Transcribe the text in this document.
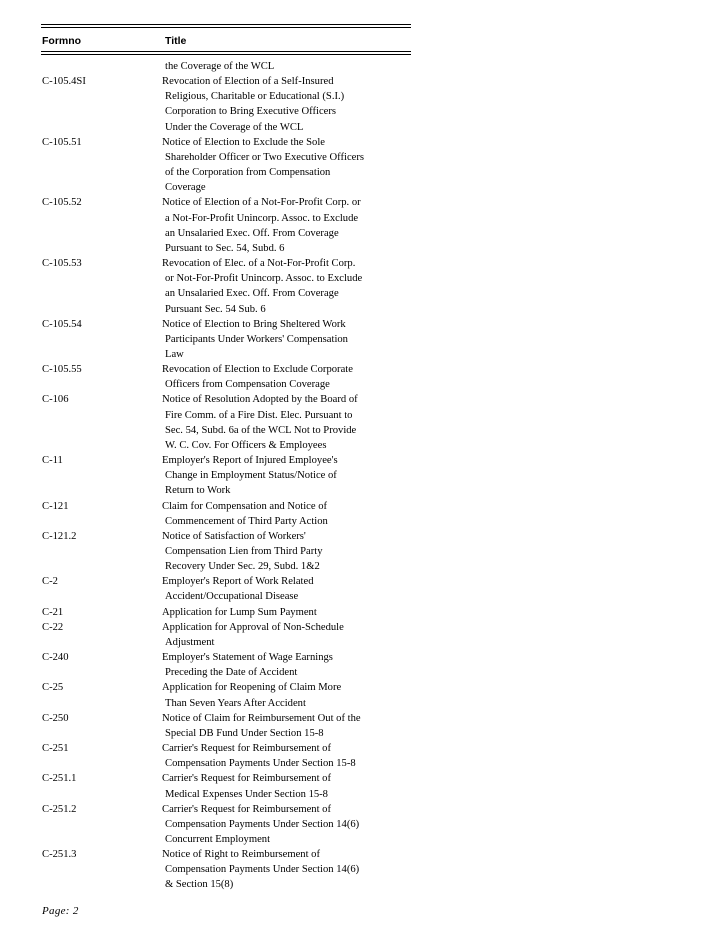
Formno	Title
the Coverage of the WCL
C-105.4SI	Revocation of Election of a Self-Insured
Religious, Charitable or Educational (S.I.)
Corporation to Bring Executive Officers
Under the Coverage of the WCL
C-105.51	Notice of Election to Exclude the Sole
Shareholder Officer or Two Executive Officers
of the Corporation from Compensation
Coverage
C-105.52	Notice of Election of a Not-For-Profit Corp. or
a Not-For-Profit Unincorp. Assoc. to Exclude
an Unsalaried Exec. Off. From Coverage
Pursuant to Sec. 54, Subd. 6
C-105.53	Revocation of Elec. of a Not-For-Profit Corp.
or Not-For-Profit Unincorp. Assoc. to Exclude
an Unsalaried Exec. Off. From Coverage
Pursuant Sec. 54 Sub. 6
C-105.54	Notice of Election to Bring Sheltered Work
Participants Under Workers' Compensation
Law
C-105.55	Revocation of Election to Exclude Corporate
Officers from Compensation Coverage
C-106	Notice of Resolution Adopted by the Board of
Fire Comm. of a Fire Dist. Elec. Pursuant to
Sec. 54, Subd. 6a of the WCL Not to Provide
W. C. Cov. For Officers & Employees
C-11	Employer's Report of Injured Employee's
Change in Employment Status/Notice of
Return to Work
C-121	Claim for Compensation and Notice of
Commencement of Third Party Action
C-121.2	Notice of Satisfaction of Workers'
Compensation Lien from Third Party
Recovery Under Sec. 29, Subd. 1&2
C-2	Employer's Report of Work Related
Accident/Occupational Disease
C-21	Application for Lump Sum Payment
C-22	Application for Approval of Non-Schedule
Adjustment
C-240	Employer's Statement of Wage Earnings
Preceding the Date of Accident
C-25	Application for Reopening of Claim More
Than Seven Years After Accident
C-250	Notice of Claim for Reimbursement Out of the
Special DB Fund Under Section 15-8
C-251	Carrier's Request for Reimbursement of
Compensation Payments Under Section 15-8
C-251.1	Carrier's Request for Reimbursement of
Medical Expenses Under Section 15-8
C-251.2	Carrier's Request for Reimbursement of
Compensation Payments Under Section 14(6)
Concurrent Employment
C-251.3	Notice of Right to Reimbursement of
Compensation Payments Under Section 14(6)
& Section 15(8)
Page: 2
